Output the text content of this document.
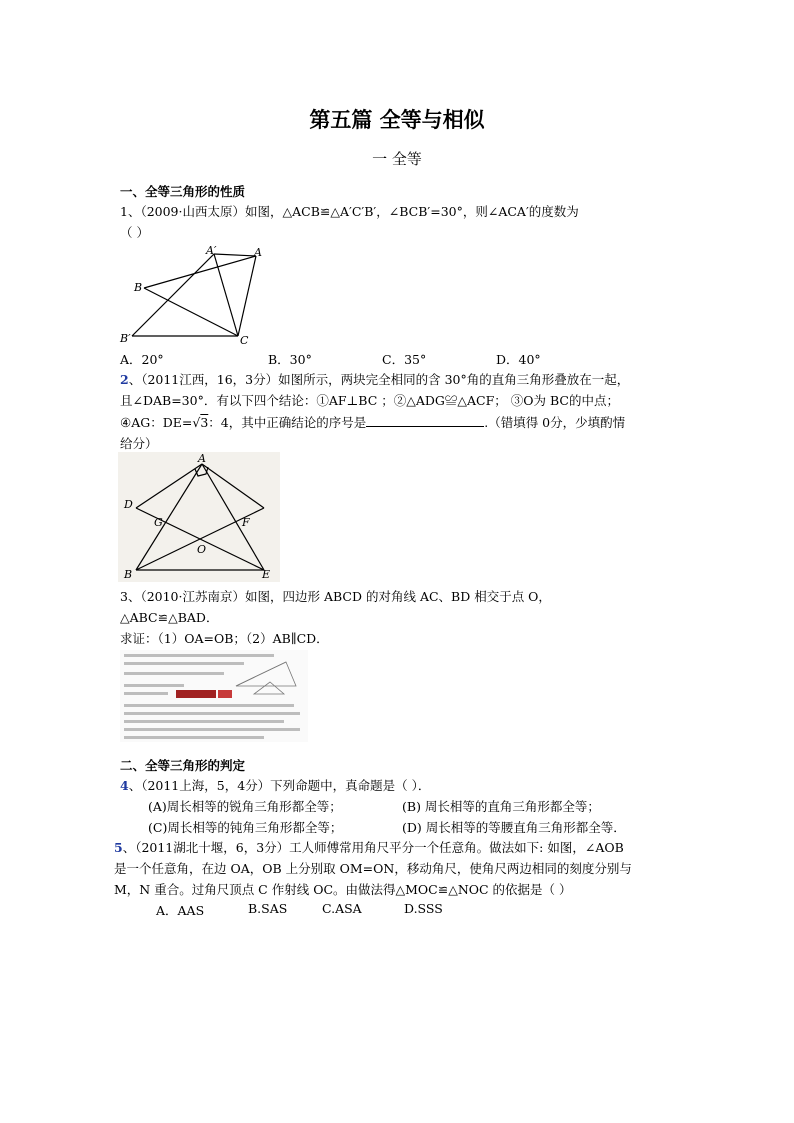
第五篇 全等与相似
一 全等
一、全等三角形的性质
1、（2009·山西太原）如图，△ACB≌△A′C′B′，∠BCB′=30°，则∠ACA′的度数为
（ ）
A′	A
B
B′	C
A．20°	B．30°	C．35°	D．40°
2、（2011江西，16，3分）如图所示，两块完全相同的含 30°角的直角三角形叠放在一起，
且∠DAB=30°．有以下四个结论：①AF⊥BC ；②△ADG≌△ACF； ③O为 BC的中点；
④AG：DE=√3：4，其中正确结论的序号是	.（错填得 0分，少填酌情
给分）
A
D
G	F
O
B	E
3、（2010·江苏南京）如图，四边形 ABCD 的对角线 AC、BD 相交于点 O，
△ABC≌△BAD．
求证：（1）OA=OB；（2）AB∥CD．
二、全等三角形的判定
4、（2011上海，5，4分）下列命题中，真命题是（ ）．
(A)周长相等的锐角三角形都全等；	(B) 周长相等的直角三角形都全等；
(C)周长相等的钝角三角形都全等；	(D) 周长相等的等腰直角三角形都全等．
5、（2011湖北十堰，6，3分）工人师傅常用角尺平分一个任意角。做法如下: 如图，∠AOB
是一个任意角，在边 OA，OB 上分别取 OM=ON，移动角尺，使角尺两边相同的刻度分别与
M，N 重合。过角尺顶点 C 作射线 OC。由做法得△MOC≌△NOC 的依据是（ ）
A．AAS	B.SAS	C.ASA	D.SSS
